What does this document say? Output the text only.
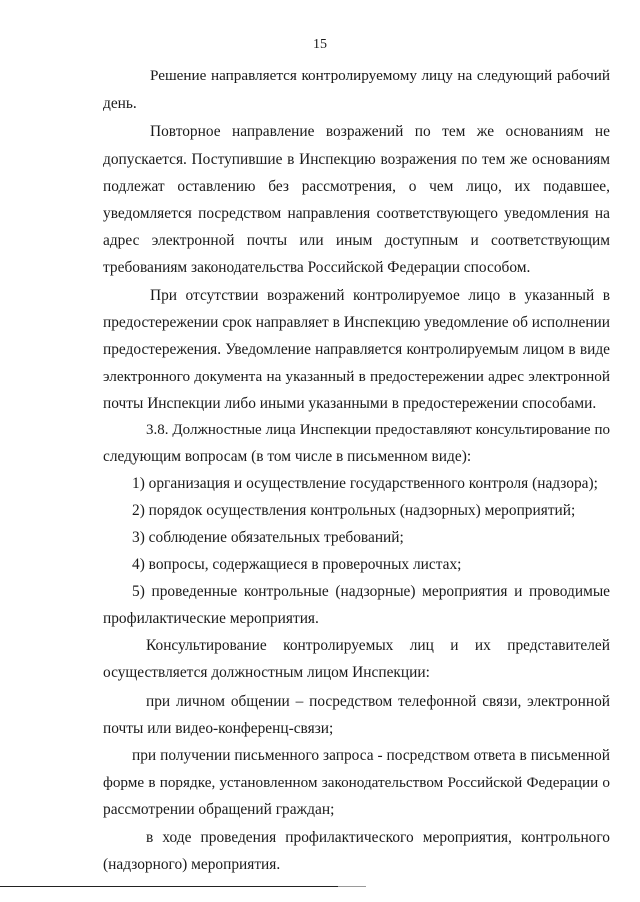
15

Решение направляется контролируемому лицу на следующий рабочий

день.

Повторное направление возражений по тем же основаниям не

допускается. Поступившие в Инспекцию возражения по тем же основаниям

подлежат оставлению без рассмотрения, о чем лицо, их подавшее,

уведомляется посредством направления соответствующего уведомления на

адрес электронной почты или иным доступным и соответствующим

требованиям законодательства Российской Федерации способом.

При отсутствии возражений контролируемое лицо в указанный в

предостережении срок направляет в Инспекцию уведомление об исполнении

предостережения. Уведомление направляется контролируемым лицом в виде

электронного документа на указанный в предостережении адрес электронной

почты Инспекции либо иными указанными в предостережении способами.

3.8. Должностные лица Инспекции предоставляют консультирование по

следующим вопросам (в том числе в письменном виде):

1) организация и осуществление государственного контроля (надзора);

2) порядок осуществления контрольных (надзорных) мероприятий;

3) соблюдение обязательных требований;

4) вопросы, содержащиеся в проверочных листах;

5) проведенные контрольные (надзорные) мероприятия и проводимые

профилактические мероприятия.

Консультирование контролируемых лиц и их представителей

осуществляется должностным лицом Инспекции:

при личном общении – посредством телефонной связи, электронной

почты или видео-конференц-связи;

при получении письменного запроса - посредством ответа в письменной

форме в порядке, установленном законодательством Российской Федерации о

рассмотрении обращений граждан;

в ходе проведения профилактического мероприятия, контрольного

(надзорного) мероприятия.
